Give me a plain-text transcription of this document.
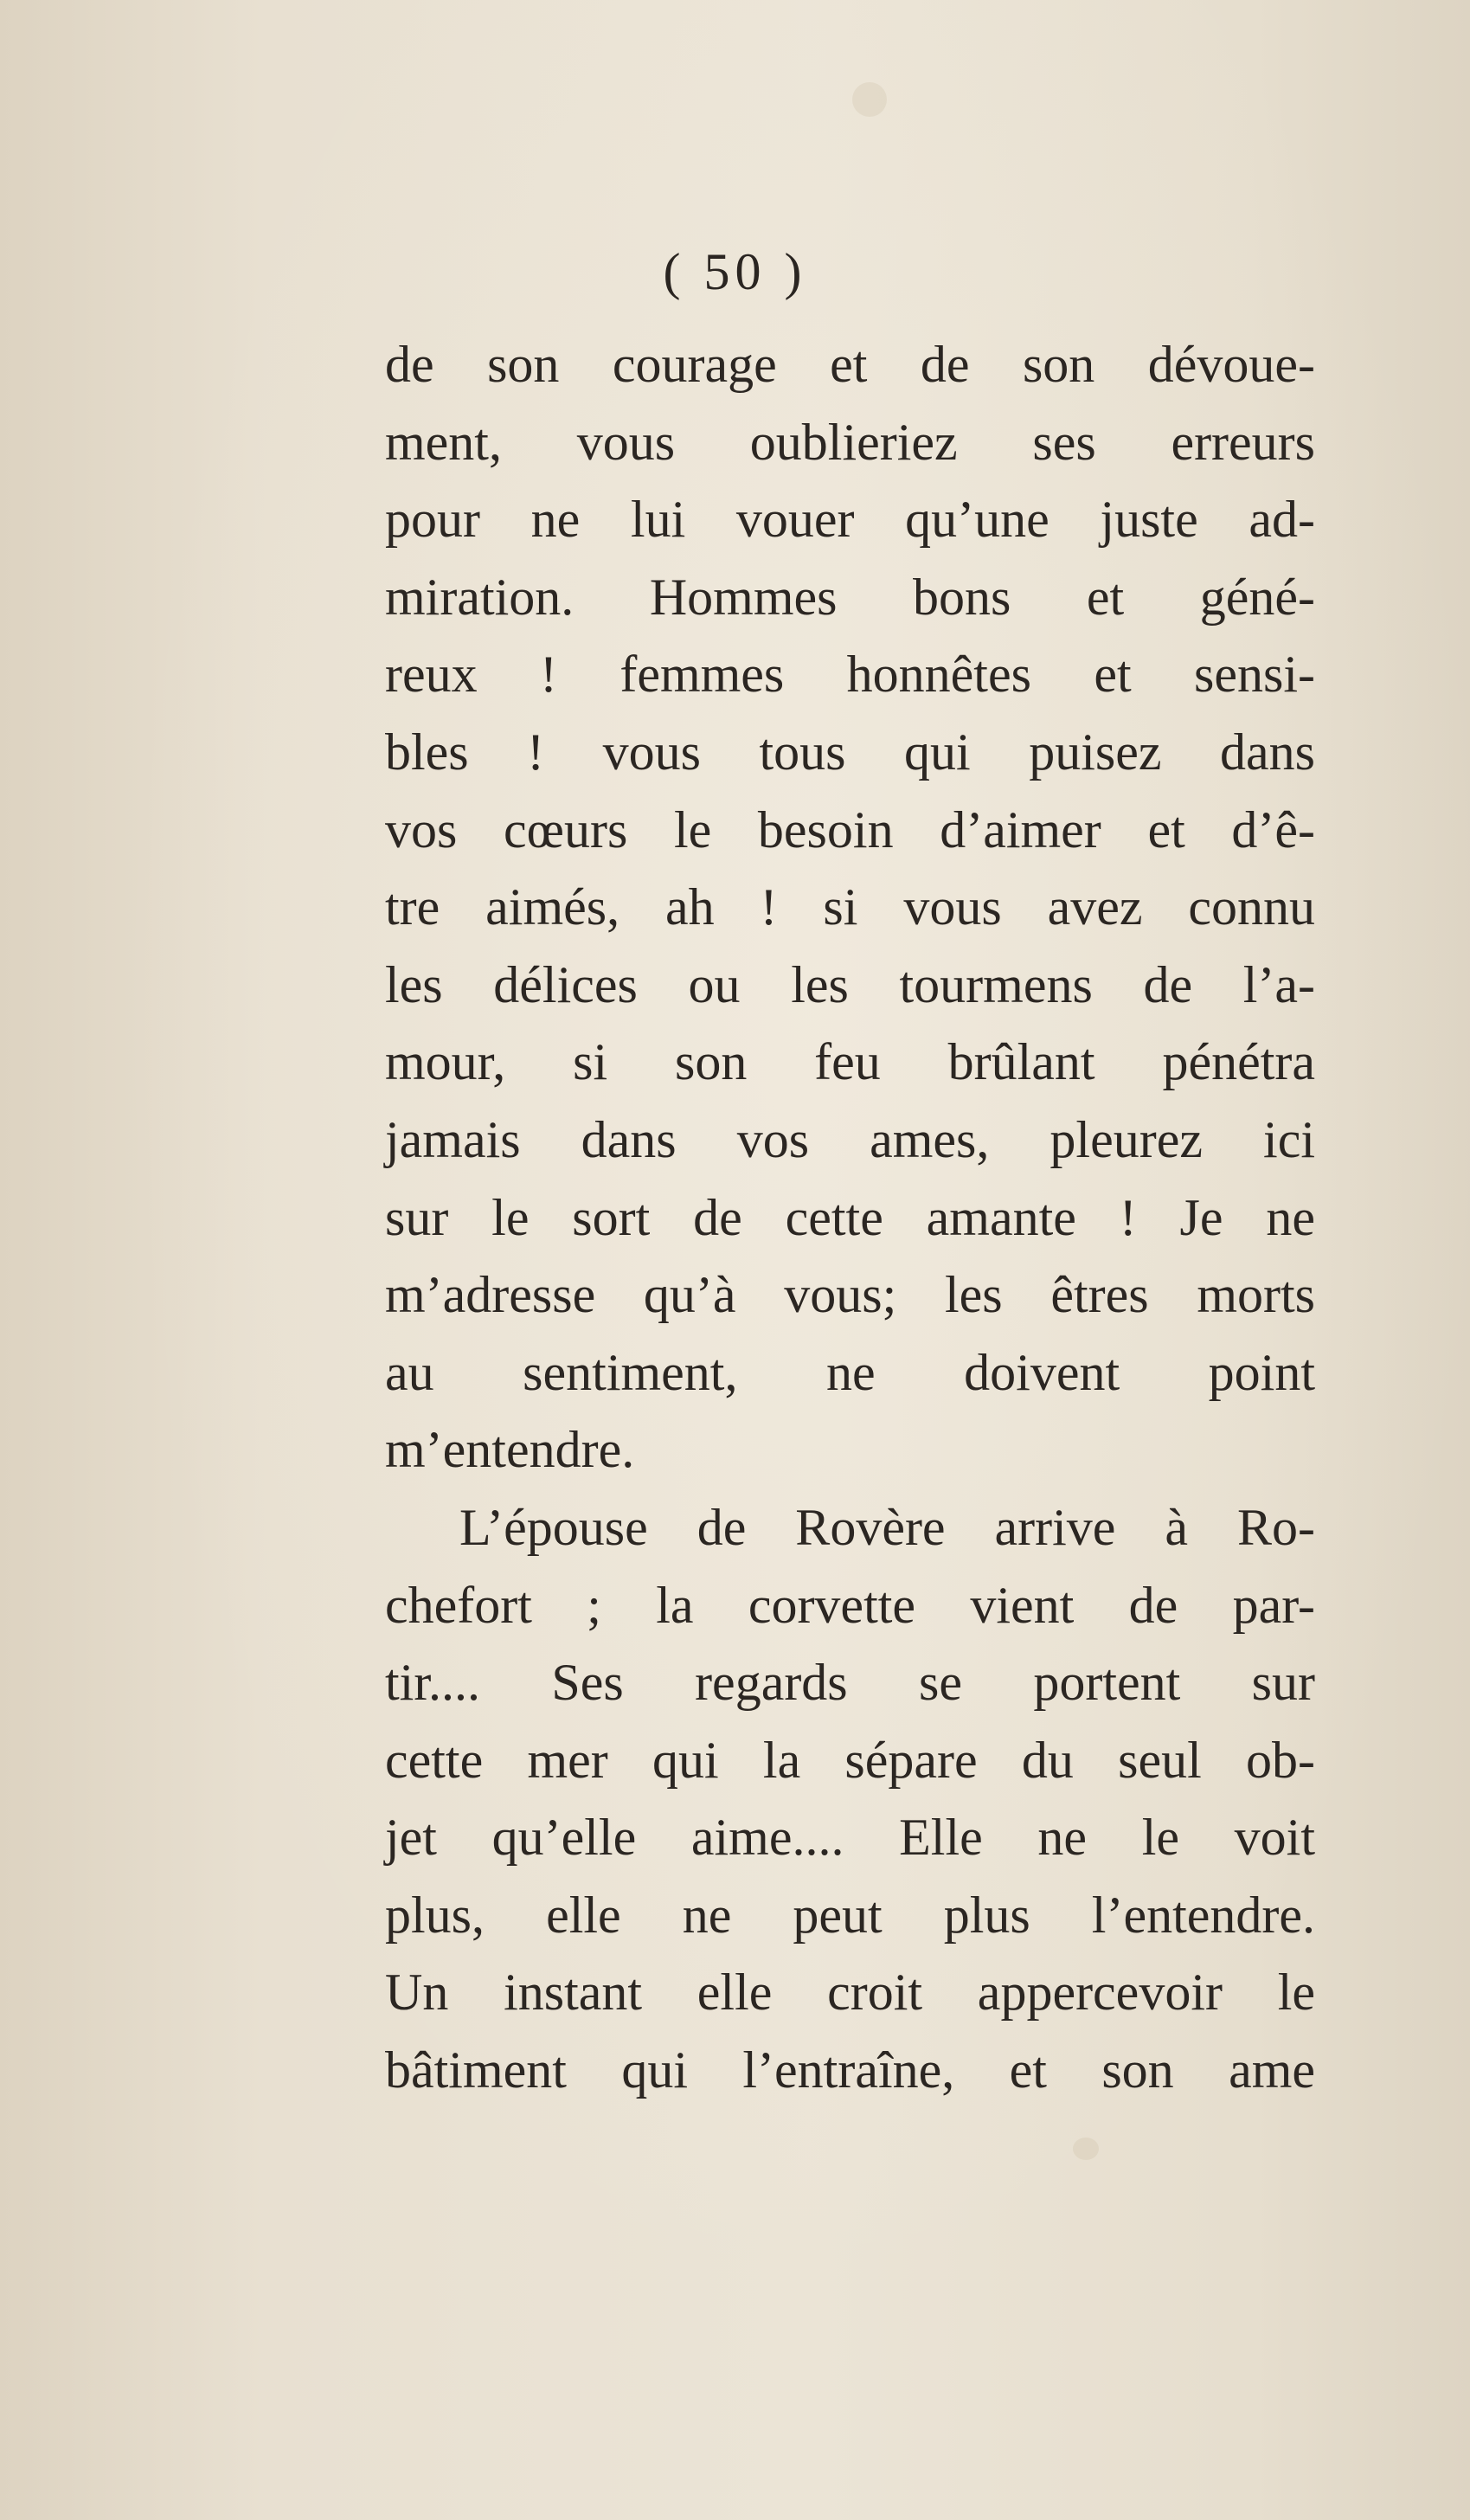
( 50 )
de son courage et de son dévoue-
ment, vous oublieriez ses erreurs
pour ne lui vouer qu’une juste ad-
miration. Hommes bons et géné-
reux ! femmes honnêtes et sensi-
bles ! vous tous qui puisez dans
vos cœurs le besoin d’aimer et d’ê-
tre aimés, ah ! si vous avez connu
les délices ou les tourmens de l’a-
mour, si son feu brûlant pénétra
jamais dans vos ames, pleurez ici
sur le sort de cette amante ! Je ne
m’adresse qu’à vous; les êtres morts
au sentiment, ne doivent point
m’entendre.
L’épouse de Rovère arrive à Ro-
chefort ; la corvette vient de par-
tir.... Ses regards se portent sur
cette mer qui la sépare du seul ob-
jet qu’elle aime.... Elle ne le voit
plus, elle ne peut plus l’entendre.
Un instant elle croit appercevoir le
bâtiment qui l’entraîne, et son ame
